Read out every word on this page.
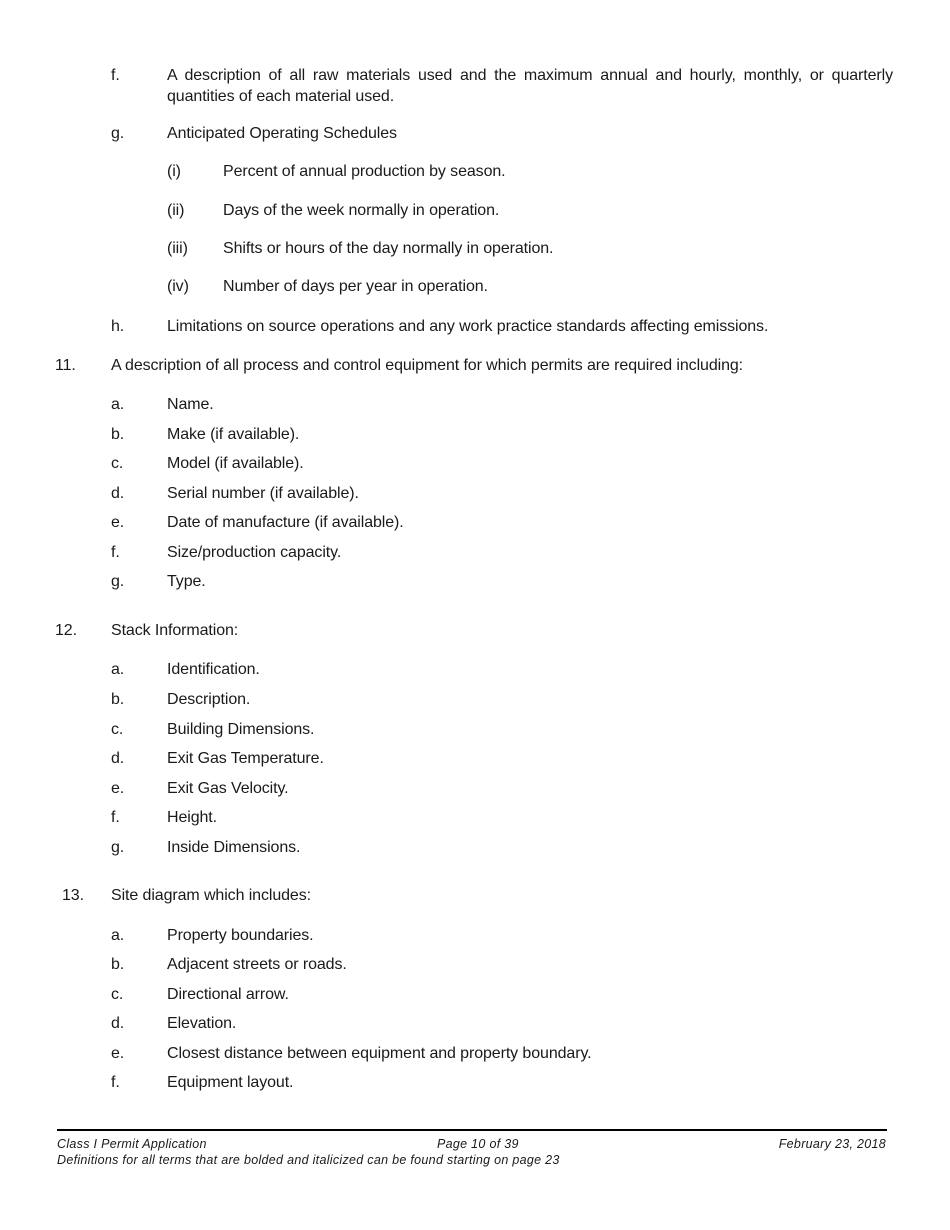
f.	A description of all raw materials used and the maximum annual and hourly, monthly, or quarterly quantities of each material used.
g.	Anticipated Operating Schedules
(i)	Percent of annual production by season.
(ii) Days of the week normally in operation.
(iii) Shifts or hours of the day normally in operation.
(iv) Number of days per year in operation.
h.	Limitations on source operations and any work practice standards affecting emissions.
11. A description of all process and control equipment for which permits are required including:
a.	Name.
b.	Make (if available).
c.	Model (if available).
d.	Serial number (if available).
e.	Date of manufacture (if available).
f.	Size/production capacity.
g.	Type.
12. Stack Information:
a.	Identification.
b.	Description.
c.	Building Dimensions.
d.	Exit Gas Temperature.
e.	Exit Gas Velocity.
f.	Height.
g.	Inside Dimensions.
13. Site diagram which includes:
a.	Property boundaries.
b.	Adjacent streets or roads.
c.	Directional arrow.
d.	Elevation.
e.	Closest distance between equipment and property boundary.
f.	Equipment layout.
Class I Permit Application	Page 10 of 39	February 23, 2018
Definitions for all terms that are bolded and italicized can be found starting on page 23
